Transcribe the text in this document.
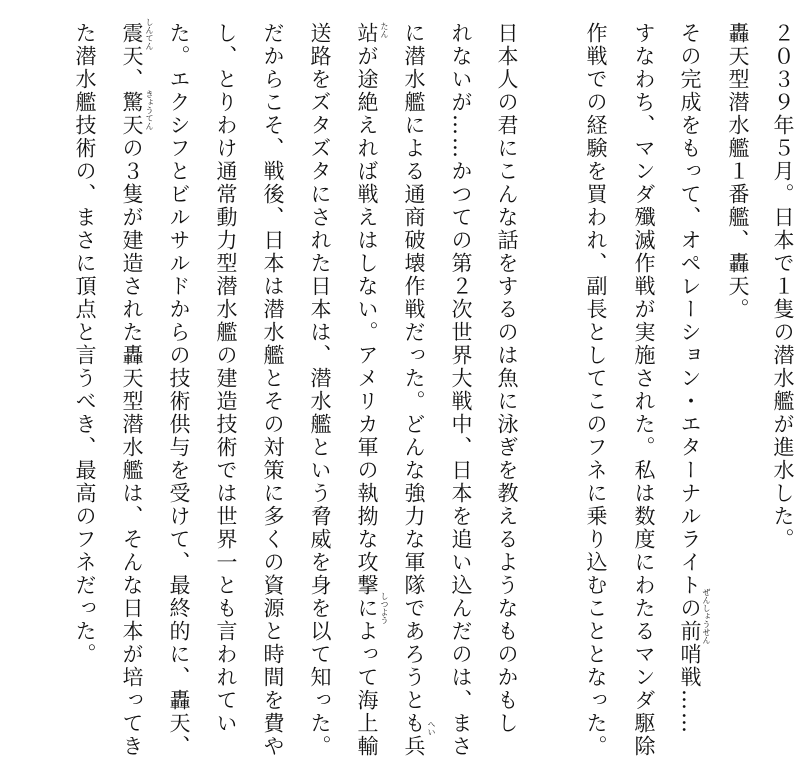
２０３９年５月。日本で１隻の潜水艦が進水した。

轟天型潜水艦１番艦、轟天。

その完成をもって、オペレーション・エターナルライトの前哨戦……

すなわち、マンダ殲滅作戦が実施された。私は数度にわたるマンダ駆除

作戦での経験を買われ、副長としてこのフネに乗り込むこととなった。

日本人の君にこんな話をするのは魚に泳ぎを教えるようなものかもし

れないが……かつての第２次世界大戦中、日本を追い込んだのは、まさ

に潜水艦による通商破壊作戦だった。どんな強力な軍隊であろうとも兵

站が途絶えれば戦えはしない。アメリカ軍の執拗な攻撃によって海上輸

送路をズタズタにされた日本は、潜水艦という脅威を身を以て知った。

だからこそ、戦後、日本は潜水艦とその対策に多くの資源と時間を費や

し、とりわけ通常動力型潜水艦の建造技術では世界一とも言われてい

た。エクシフとビルサルドからの技術供与を受けて、最終的に、轟天、

震天、驚天の３隻が建造された轟天型潜水艦は、そんな日本が培ってき

た潜水艦技術の、まさに頂点と言うべき、最高のフネだった。	ぜんしょうせん
へい
たん
しつよう
しんてん
きょうてん
